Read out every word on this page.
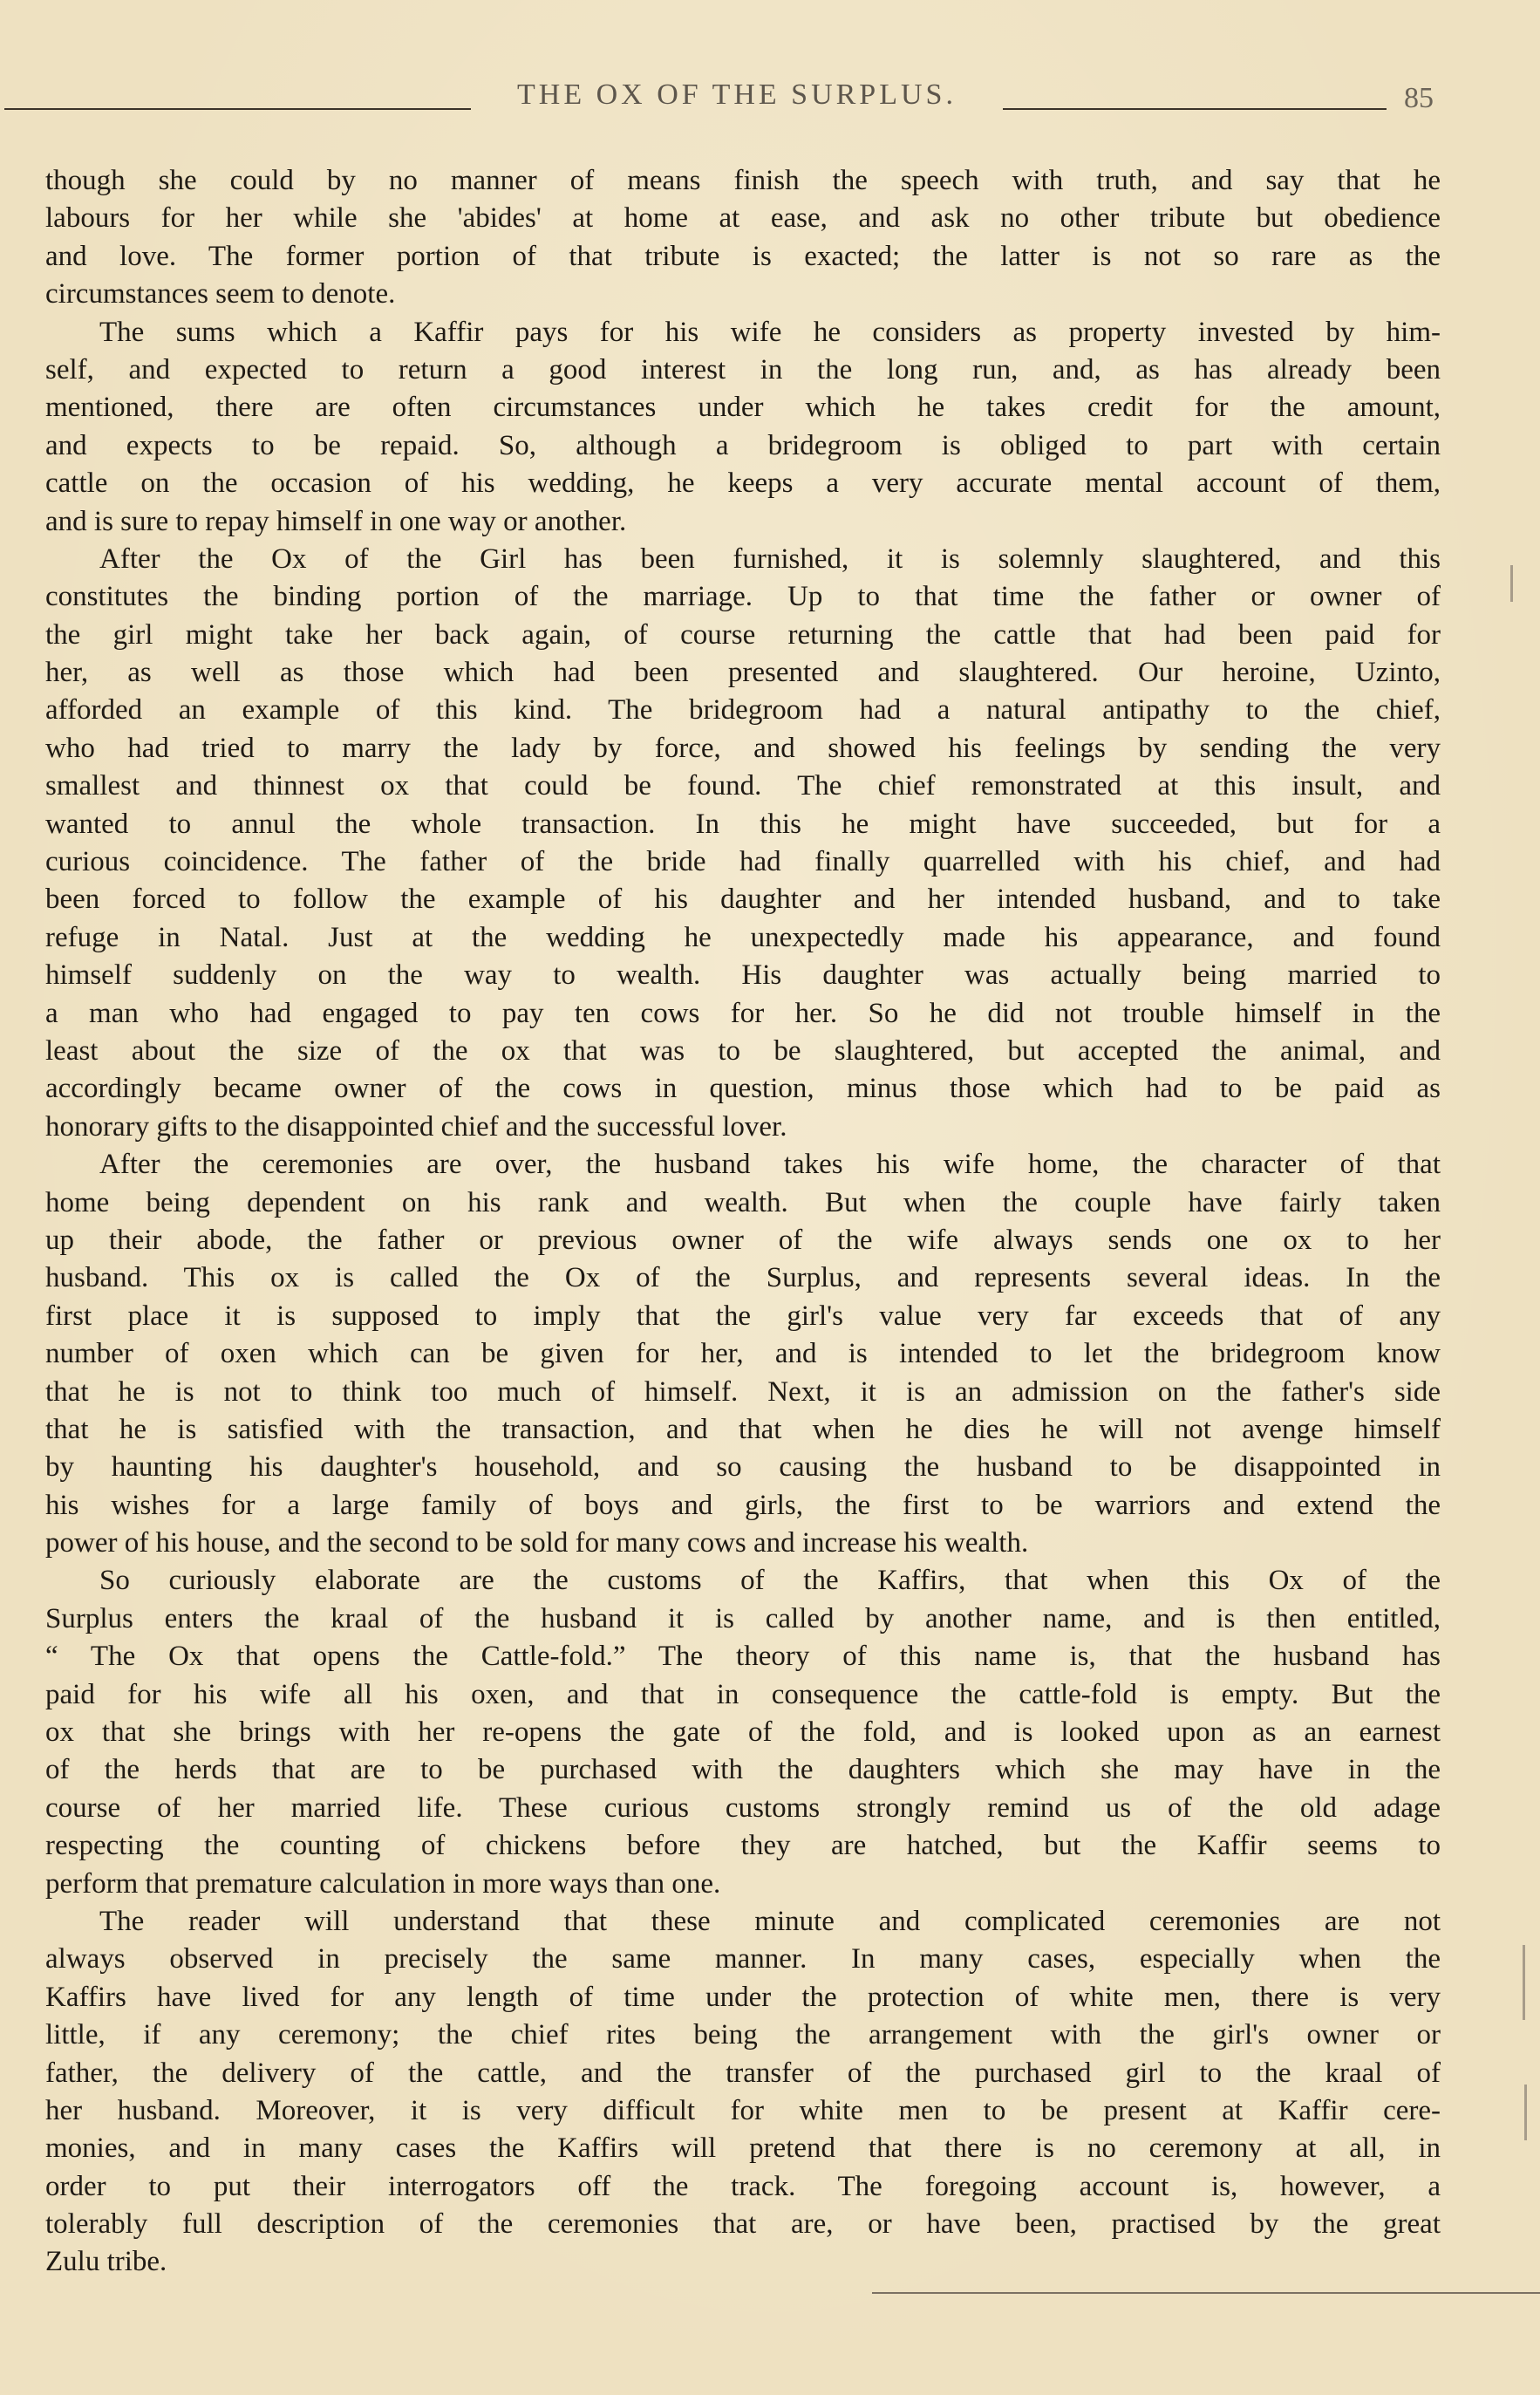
THE OX OF THE SURPLUS.	85
though she could by no manner of means finish the speech with truth, and say that he
labours for her while she 'abides' at home at ease, and ask no other tribute but obedience
and love. The former portion of that tribute is exacted; the latter is not so rare as the
circumstances seem to denote.
The sums which a Kaffir pays for his wife he considers as property invested by him-
self, and expected to return a good interest in the long run, and, as has already been
mentioned, there are often circumstances under which he takes credit for the amount,
and expects to be repaid. So, although a bridegroom is obliged to part with certain
cattle on the occasion of his wedding, he keeps a very accurate mental account of them,
and is sure to repay himself in one way or another.
After the Ox of the Girl has been furnished, it is solemnly slaughtered, and this
constitutes the binding portion of the marriage. Up to that time the father or owner of
the girl might take her back again, of course returning the cattle that had been paid for
her, as well as those which had been presented and slaughtered. Our heroine, Uzinto,
afforded an example of this kind. The bridegroom had a natural antipathy to the chief,
who had tried to marry the lady by force, and showed his feelings by sending the very
smallest and thinnest ox that could be found. The chief remonstrated at this insult, and
wanted to annul the whole transaction. In this he might have succeeded, but for a
curious coincidence. The father of the bride had finally quarrelled with his chief, and had
been forced to follow the example of his daughter and her intended husband, and to take
refuge in Natal. Just at the wedding he unexpectedly made his appearance, and found
himself suddenly on the way to wealth. His daughter was actually being married to
a man who had engaged to pay ten cows for her. So he did not trouble himself in the
least about the size of the ox that was to be slaughtered, but accepted the animal, and
accordingly became owner of the cows in question, minus those which had to be paid as
honorary gifts to the disappointed chief and the successful lover.
After the ceremonies are over, the husband takes his wife home, the character of that
home being dependent on his rank and wealth. But when the couple have fairly taken
up their abode, the father or previous owner of the wife always sends one ox to her
husband. This ox is called the Ox of the Surplus, and represents several ideas. In the
first place it is supposed to imply that the girl's value very far exceeds that of any
number of oxen which can be given for her, and is intended to let the bridegroom know
that he is not to think too much of himself. Next, it is an admission on the father's side
that he is satisfied with the transaction, and that when he dies he will not avenge himself
by haunting his daughter's household, and so causing the husband to be disappointed in
his wishes for a large family of boys and girls, the first to be warriors and extend the
power of his house, and the second to be sold for many cows and increase his wealth.
So curiously elaborate are the customs of the Kaffirs, that when this Ox of the
Surplus enters the kraal of the husband it is called by another name, and is then entitled,
“ The Ox that opens the Cattle-fold.” The theory of this name is, that the husband has
paid for his wife all his oxen, and that in consequence the cattle-fold is empty. But the
ox that she brings with her re-opens the gate of the fold, and is looked upon as an earnest
of the herds that are to be purchased with the daughters which she may have in the
course of her married life. These curious customs strongly remind us of the old adage
respecting the counting of chickens before they are hatched, but the Kaffir seems to
perform that premature calculation in more ways than one.
The reader will understand that these minute and complicated ceremonies are not
always observed in precisely the same manner. In many cases, especially when the
Kaffirs have lived for any length of time under the protection of white men, there is very
little, if any ceremony; the chief rites being the arrangement with the girl's owner or
father, the delivery of the cattle, and the transfer of the purchased girl to the kraal of
her husband. Moreover, it is very difficult for white men to be present at Kaffir cere-
monies, and in many cases the Kaffirs will pretend that there is no ceremony at all, in
order to put their interrogators off the track. The foregoing account is, however, a
tolerably full description of the ceremonies that are, or have been, practised by the great
Zulu tribe.
